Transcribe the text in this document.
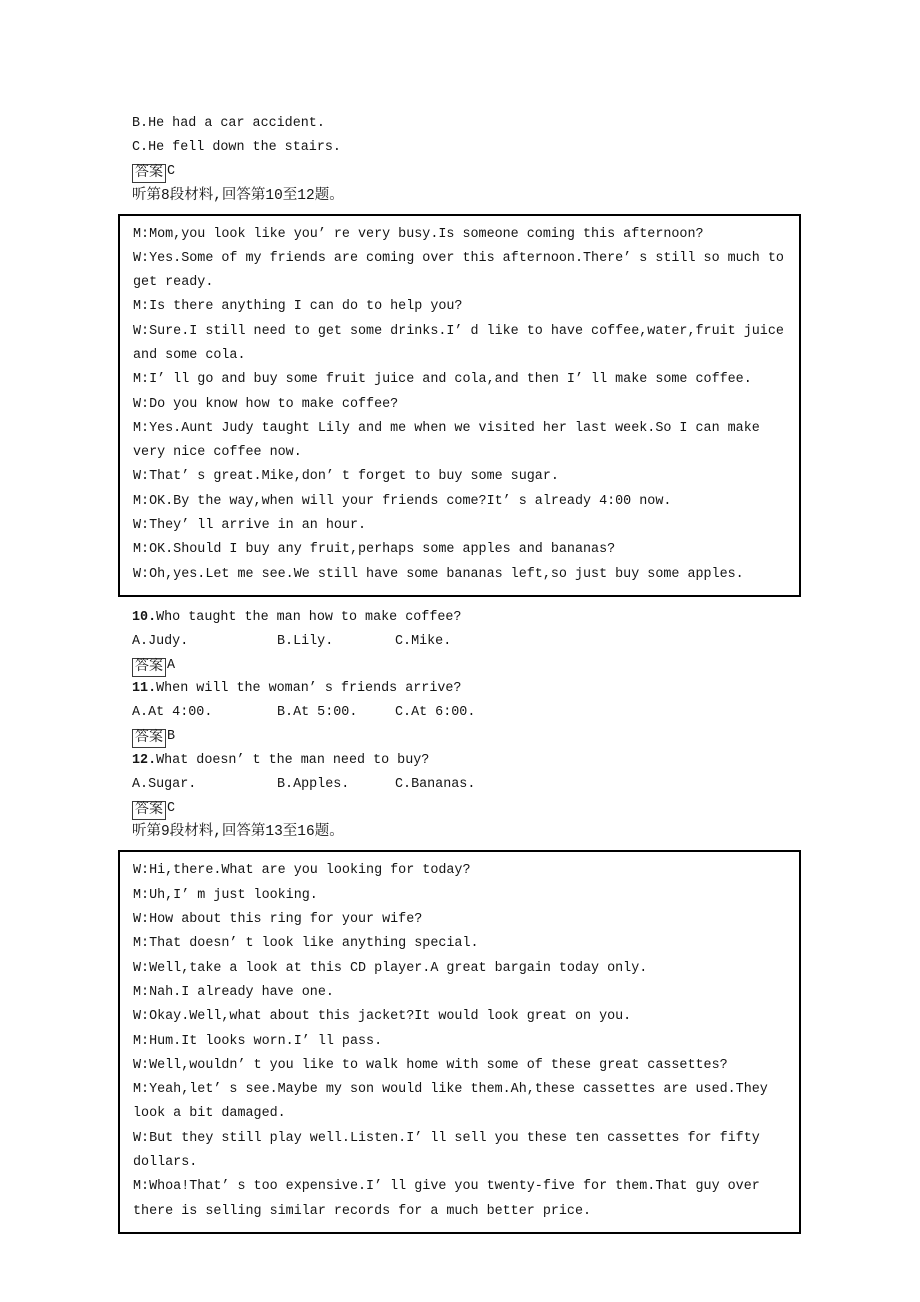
B.He had a car accident.

C.He fell down the stairs.

答案 C

听第8段材料,回答第10至12题。

M:Mom,you look like you’ re very busy.Is someone coming this afternoon?

W:Yes.Some of my friends are coming over this afternoon.There’ s still so much to get ready.

M:Is there anything I can do to help you?

W:Sure.I still need to get some drinks.I’ d like to have coffee,water,fruit juice and some cola.

M:I’ ll go and buy some fruit juice and cola,and then I’ ll make some coffee.

W:Do you know how to make coffee?

M:Yes.Aunt Judy taught Lily and me when we visited her last week.So I can make very nice coffee now.

W:That’ s great.Mike,don’ t forget to buy some sugar.

M:OK.By the way,when will your friends come?It’ s already 4:00 now.

W:They’ ll arrive in an hour.

M:OK.Should I buy any fruit,perhaps some apples and bananas?

W:Oh,yes.Let me see.We still have some bananas left,so just buy some apples.

10.Who taught the man how to make coffee?

A.Judy.	B.Lily.	C.Mike.

答案 A

11.When will the woman’ s friends arrive?

A.At 4:00.	B.At 5:00.	C.At 6:00.

答案 B

12.What doesn’ t the man need to buy?

A.Sugar.	B.Apples.	C.Bananas.

答案 C

听第9段材料,回答第13至16题。

W:Hi,there.What are you looking for today?

M:Uh,I’ m just looking.

W:How about this ring for your wife?

M:That doesn’ t look like anything special.

W:Well,take a look at this CD player.A great bargain today only.

M:Nah.I already have one.

W:Okay.Well,what about this jacket?It would look great on you.

M:Hum.It looks worn.I’ ll pass.

W:Well,wouldn’ t you like to walk home with some of these great cassettes?

M:Yeah,let’ s see.Maybe my son would like them.Ah,these cassettes are used.They look a bit damaged.

W:But they still play well.Listen.I’ ll sell you these ten cassettes for fifty dollars.

M:Whoa!That’ s too expensive.I’ ll give you twenty-five for them.That guy over there is selling similar records for a much better price.
